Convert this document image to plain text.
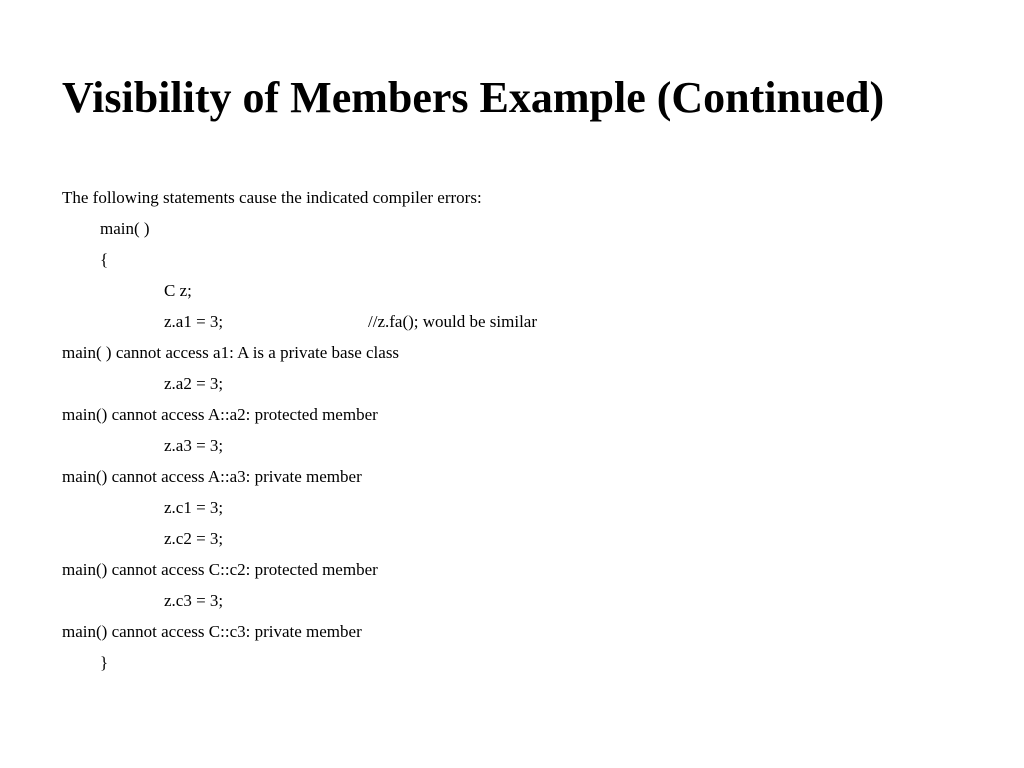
Visibility of Members Example (Continued)
The following statements cause the indicated compiler errors:
main( )
{
C z;
z.a1 = 3;	//z.fa(); would be similar
main( ) cannot access a1: A is a private base class
z.a2 = 3;
main() cannot access A::a2: protected member
z.a3 = 3;
main() cannot access A::a3: private member
z.c1 = 3;
z.c2 = 3;
main() cannot access C::c2: protected member
z.c3 = 3;
main() cannot access C::c3: private member
}
